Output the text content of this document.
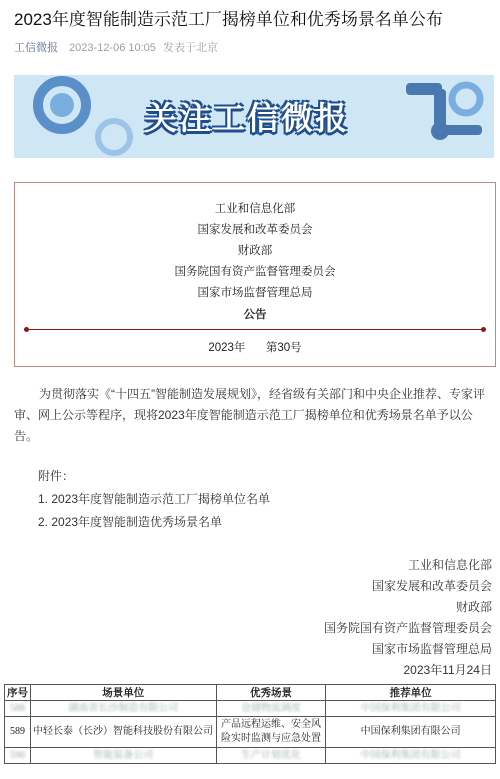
2023年度智能制造示范工厂揭榜单位和优秀场景名单公布
工信微报 2023-12-06 10:05 发表于北京
关注工信微报
工业和信息化部
国家发展和改革委员会
财政部
国务院国有资产监督管理委员会
国家市场监督管理总局
公告
2023年 第30号
为贯彻落实《“十四五”智能制造发展规划》，经省级有关部门和中央企业推荐、专家评审、网上公示等程序，现将2023年度智能制造示范工厂揭榜单位和优秀场景名单予以公告。
附件：
1. 2023年度智能制造示范工厂揭榜单位名单
2. 2023年度智能制造优秀场景名单
工业和信息化部
国家发展和改革委员会
财政部
国务院国有资产监督管理委员会
国家市场监督管理总局
2023年11月24日
序号	场景单位	优秀场景	推荐单位
588	湖南省长沙制造有限公司	仓储物流调度	中国保利集团有限公司
589	中轻长泰（长沙）智能科技股份有限公司	产品远程运维、安全风险实时监测与应急处置	中国保利集团有限公司
590	智能装备公司	生产计划优化	中国保利集团有限公司
